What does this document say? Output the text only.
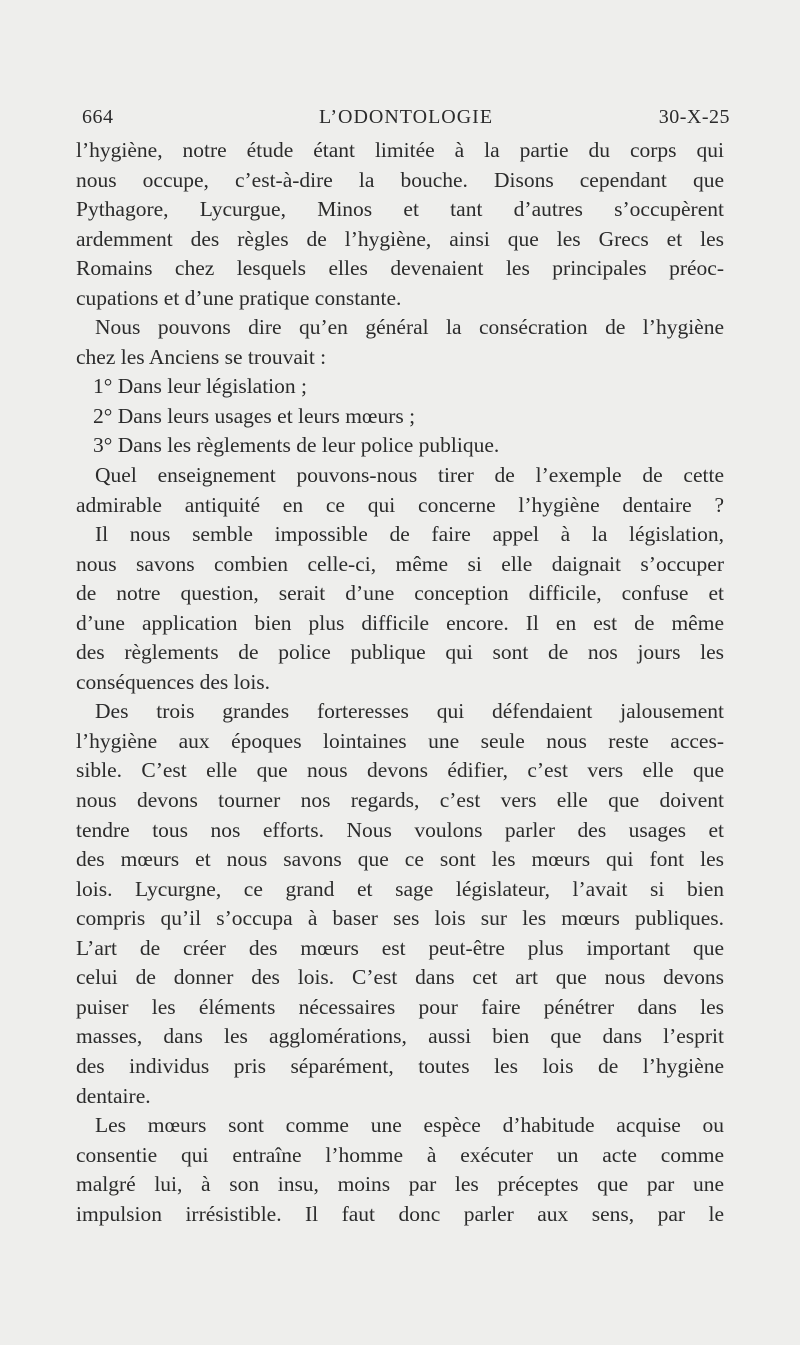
664	L’ODONTOLOGIE	30-X-25
l’hygiène, notre étude étant limitée à la partie du corps qui
nous occupe, c’est-à-dire la bouche. Disons cependant que
Pythagore, Lycurgue, Minos et tant d’autres s’occupèrent
ardemment des règles de l’hygiène, ainsi que les Grecs et les
Romains chez lesquels elles devenaient les principales préoc-
cupations et d’une pratique constante.
Nous pouvons dire qu’en général la consécration de l’hygiène
chez les Anciens se trouvait :
1° Dans leur législation ;
2° Dans leurs usages et leurs mœurs ;
3° Dans les règlements de leur police publique.
Quel enseignement pouvons-nous tirer de l’exemple de cette
admirable antiquité en ce qui concerne l’hygiène dentaire ?
Il nous semble impossible de faire appel à la législation,
nous savons combien celle-ci, même si elle daignait s’occuper
de notre question, serait d’une conception difficile, confuse et
d’une application bien plus difficile encore. Il en est de même
des règlements de police publique qui sont de nos jours les
conséquences des lois.
Des trois grandes forteresses qui défendaient jalousement
l’hygiène aux époques lointaines une seule nous reste acces-
sible. C’est elle que nous devons édifier, c’est vers elle que
nous devons tourner nos regards, c’est vers elle que doivent
tendre tous nos efforts. Nous voulons parler des usages et
des mœurs et nous savons que ce sont les mœurs qui font les
lois. Lycurgne, ce grand et sage législateur, l’avait si bien
compris qu’il s’occupa à baser ses lois sur les mœurs publiques.
L’art de créer des mœurs est peut-être plus important que
celui de donner des lois. C’est dans cet art que nous devons
puiser les éléments nécessaires pour faire pénétrer dans les
masses, dans les agglomérations, aussi bien que dans l’esprit
des individus pris séparément, toutes les lois de l’hygiène
dentaire.
Les mœurs sont comme une espèce d’habitude acquise ou
consentie qui entraîne l’homme à exécuter un acte comme
malgré lui, à son insu, moins par les préceptes que par une
impulsion irrésistible. Il faut donc parler aux sens, par le
